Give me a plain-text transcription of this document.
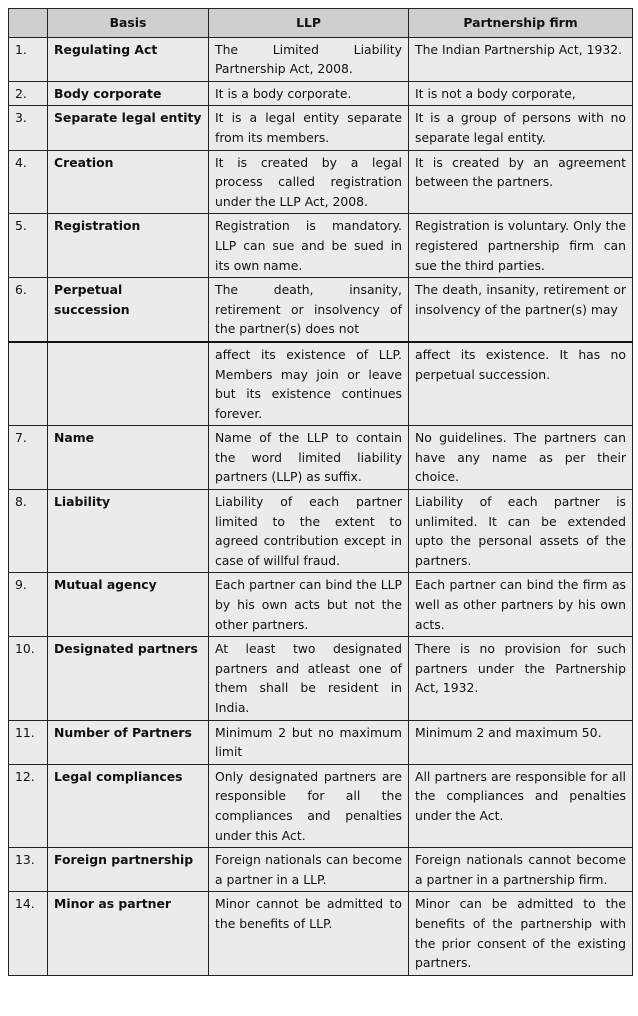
	Basis	LLP	Partnership firm
1.	Regulating Act	The Limited Liability Partnership Act, 2008.	The Indian Partnership Act, 1932.
2.	Body corporate	It is a body corporate.	It is not a body corporate,
3.	Separate legal entity	It is a legal entity separate from its members.	It is a group of persons with no separate legal entity.
4.	Creation	It is created by a legal process called registration under the LLP Act, 2008.	It is created by an agreement between the partners.
5.	Registration	Registration is mandatory. LLP can sue and be sued in its own name.	Registration is voluntary. Only the registered partnership firm can sue the third parties.
6.	Perpetual succession	The death, insanity, retirement or insolvency of the partner(s) does not	The death, insanity, retirement or insolvency of the partner(s) may
		affect its existence of LLP. Members may join or leave but its existence continues forever.	affect its existence. It has no perpetual succession.
7.	Name	Name of the LLP to contain the word limited liability partners (LLP) as suffix.	No guidelines. The partners can have any name as per their choice.
8.	Liability	Liability of each partner limited to the extent to agreed contribution except in case of willful fraud.	Liability of each partner is unlimited. It can be extended upto the personal assets of the partners.
9.	Mutual agency	Each partner can bind the LLP by his own acts but not the other partners.	Each partner can bind the firm as well as other partners by his own acts.
10.	Designated partners	At least two designated partners and atleast one of them shall be resident in India.	There is no provision for such partners under the Partnership Act, 1932.
11.	Number of Partners	Minimum 2 but no maximum limit	Minimum 2 and maximum 50.
12.	Legal compliances	Only designated partners are responsible for all the compliances and penalties under this Act.	All partners are responsible for all the compliances and penalties under the Act.
13.	Foreign partnership	Foreign nationals can become a partner in a LLP.	Foreign nationals cannot become a partner in a partnership firm.
14.	Minor as partner	Minor cannot be admitted to the benefits of LLP.	Minor can be admitted to the benefits of the partnership with the prior consent of the existing partners.
